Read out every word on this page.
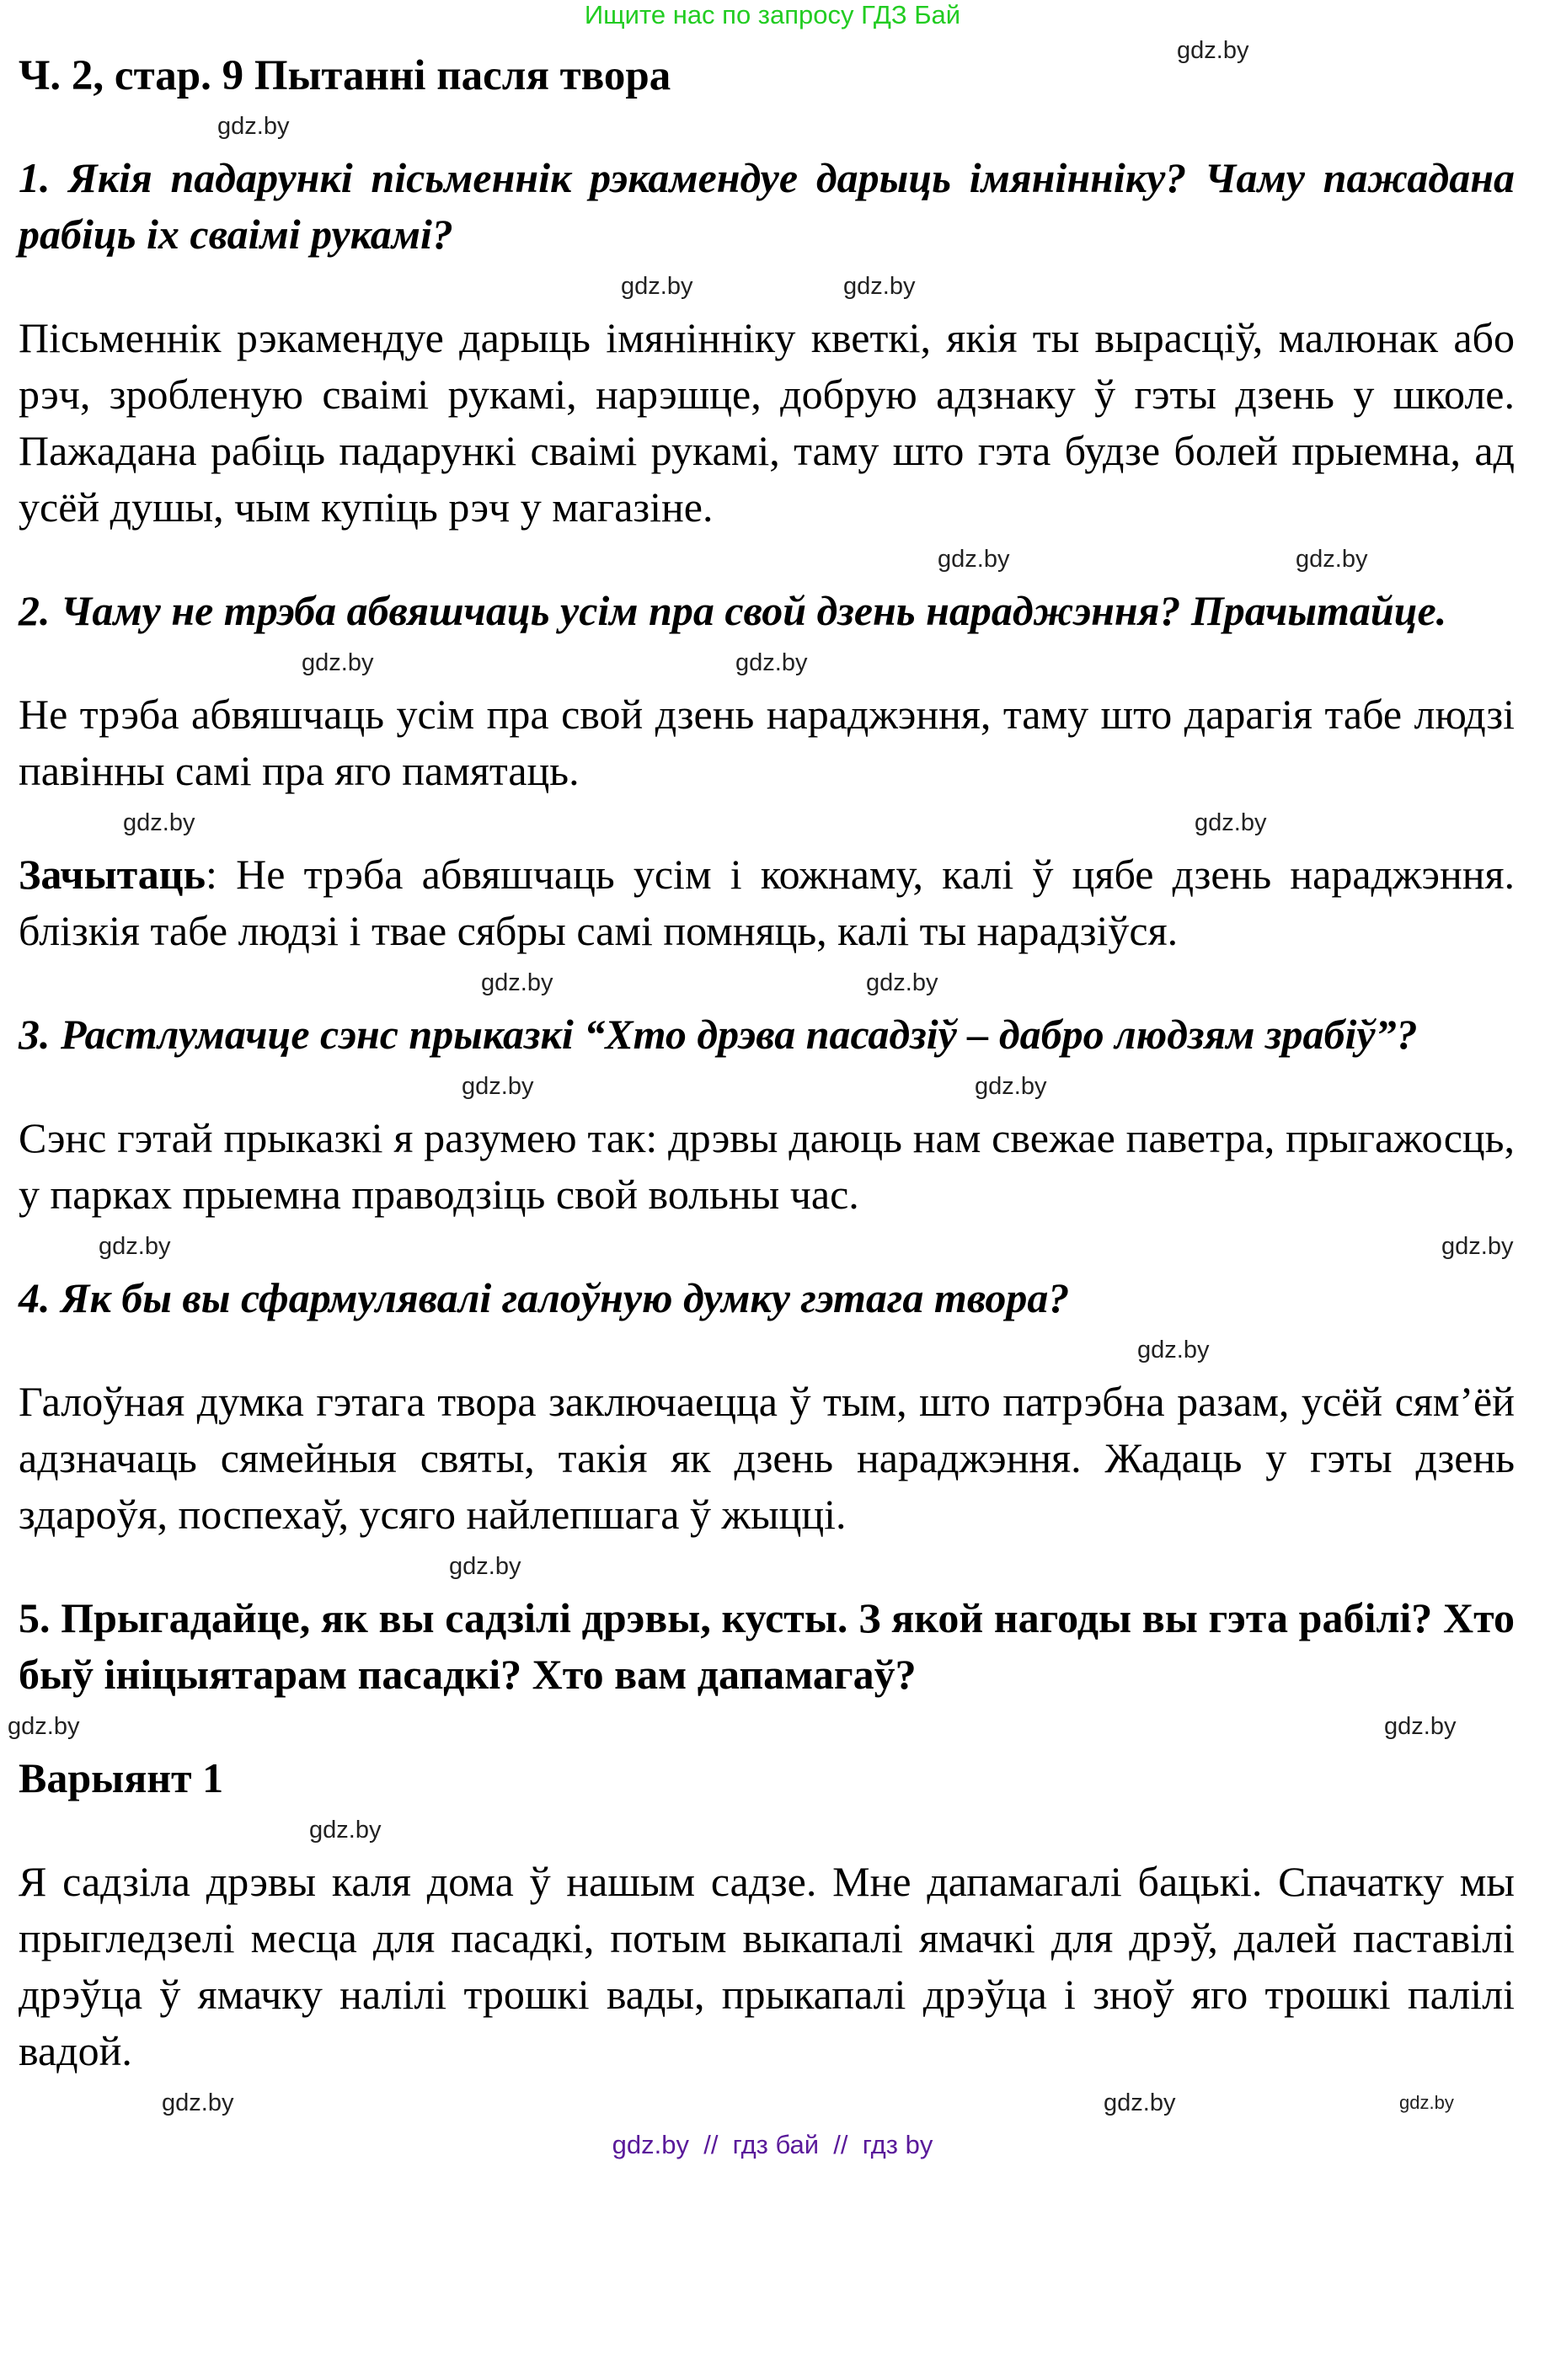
Ищите нас по запросу ГДЗ Бай
Ч. 2, стар. 9 Пытанні пасля твора
gdz.by
gdz.by
1. Якія падарункі пісьменнік рэкамендуе дарыць імяніннiку? Чаму пажадана рабіць іх сваімі рукамі?
gdz.by
gdz.by
Пісьменнік рэкамендуе дарыць імяніннiку кветкі, якія ты вырасціў, малюнак або рэч, зробленую сваімі рукамі, нарэшце, добрую адзнаку ў гэты дзень у школе. Пажадана рабіць падарункі сваімі рукамі, таму што гэта будзе болей прыемна, ад усёй душы, чым купіць рэч у магазіне.
gdz.by
gdz.by
2. Чаму не трэба абвяшчаць усім пра свой дзень нараджэння? Прачытайце.
gdz.by
gdz.by
Не трэба абвяшчаць усім пра свой дзень нараджэння, таму што дарагія табе людзі павінны самі пра яго памятаць.
gdz.by
gdz.by
Зачытаць: Не трэба абвяшчаць усім і кожнаму, калі ў цябе дзень нараджэння. блізкія табе людзі і твае сябры самі помняць, калі ты нарадзіўся.
gdz.by
gdz.by
3. Растлумачце сэнс прыказкі “Хто дрэва пасадзіў – дабро людзям зрабіў”?
gdz.by
gdz.by
Сэнс гэтай прыказкі я разумею так: дрэвы даюць нам свежае паветра, прыгажосць, у парках прыемна праводзіць свой вольны час.
gdz.by
gdz.by
4. Як бы вы сфармулявалі галоўную думку гэтага твора?
gdz.by
Галоўная думка гэтага твора заключаецца ў тым, што патрэбна разам, усёй сям’ёй адзначаць сямейныя святы, такія як дзень нараджэння. Жадаць у гэты дзень здароўя, поспехаў, усяго найлепшага ў жыцці.
gdz.by
5. Прыгадайце, як вы садзілі дрэвы, кусты. З якой нагоды вы гэта рабілі? Хто быў ініцыятарам пасадкі? Хто вам дапамагаў?
gdz.by
gdz.by
Варыянт 1
gdz.by
Я садзіла дрэвы каля дома ў нашым садзе. Мне дапамагалі бацькі. Спачатку мы прыгледзелі месца для пасадкі, потым выкапалі ямачкі для дрэў, далей паставілі дрэўца ў ямачку налілі трошкі вады, прыкапалі дрэўца і зноў яго трошкі палілі вадой.
gdz.by
gdz.by
gdz.by
gdz.by  //  гдз бай  //  гдз by
